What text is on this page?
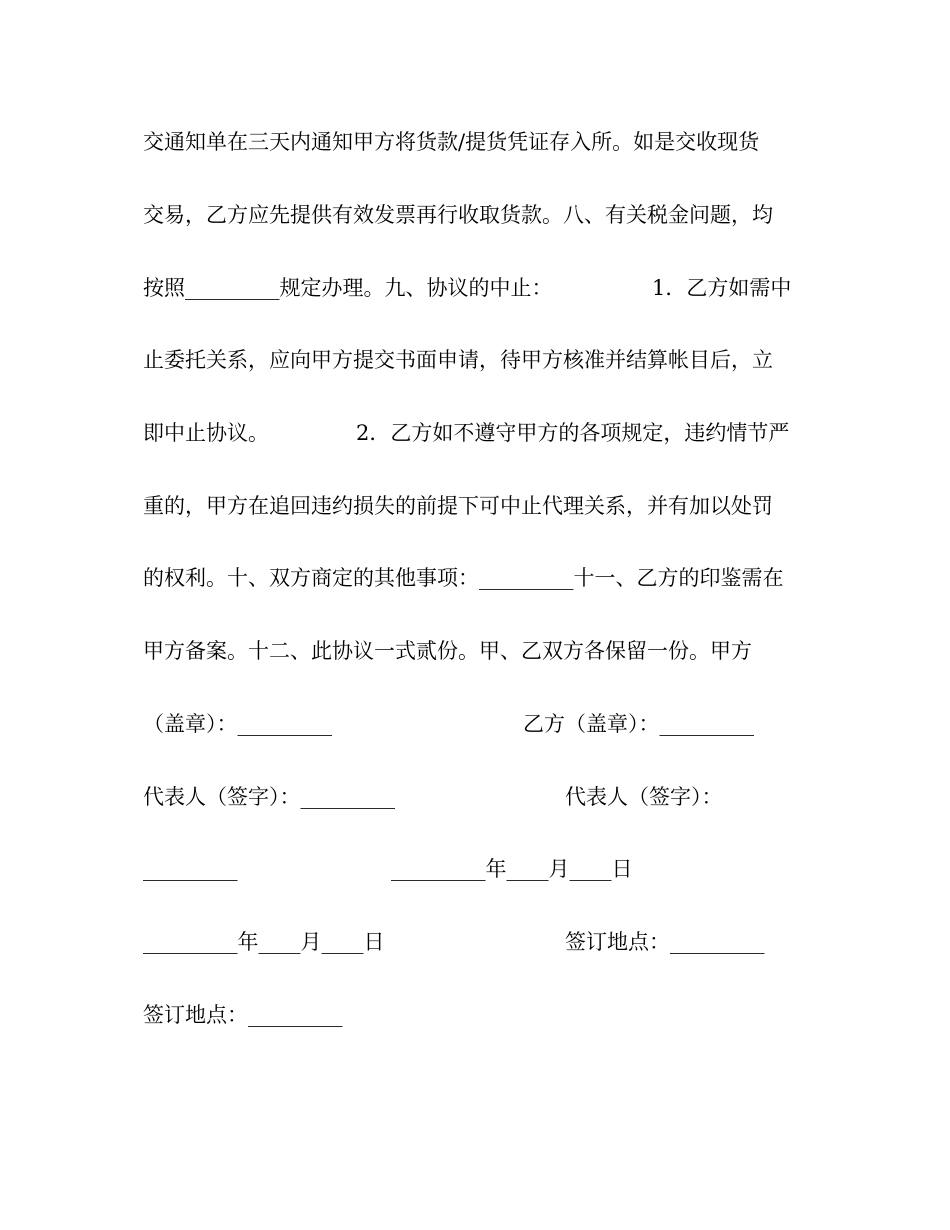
交通知单在三天内通知甲方将货款/提货凭证存入所。如是交收现货
交易，乙方应先提供有效发票再行收取货款。八、有关税金问题，均

按照_________规定办理。九、协议的中止：

	1．乙方如需中

止委托关系，应向甲方提交书面申请，待甲方核准并结算帐目后，立

即中止协议。

	2．乙方如不遵守甲方的各项规定，违约情节严

重的，甲方在追回违约损失的前提下可中止代理关系，并有加以处罚
的权利。十、双方商定的其他事项：_________十一、乙方的印鉴需在
甲方备案。十二、此协议一式贰份。甲、乙双方各保留一份。甲方

（盖章）：_________

	乙方（盖章）：_________

代表人（签字）：_________

	代表人（签字）：

_________

	_________年____月____日

_________年____月____日

	签订地点：_________

签订地点：_________
